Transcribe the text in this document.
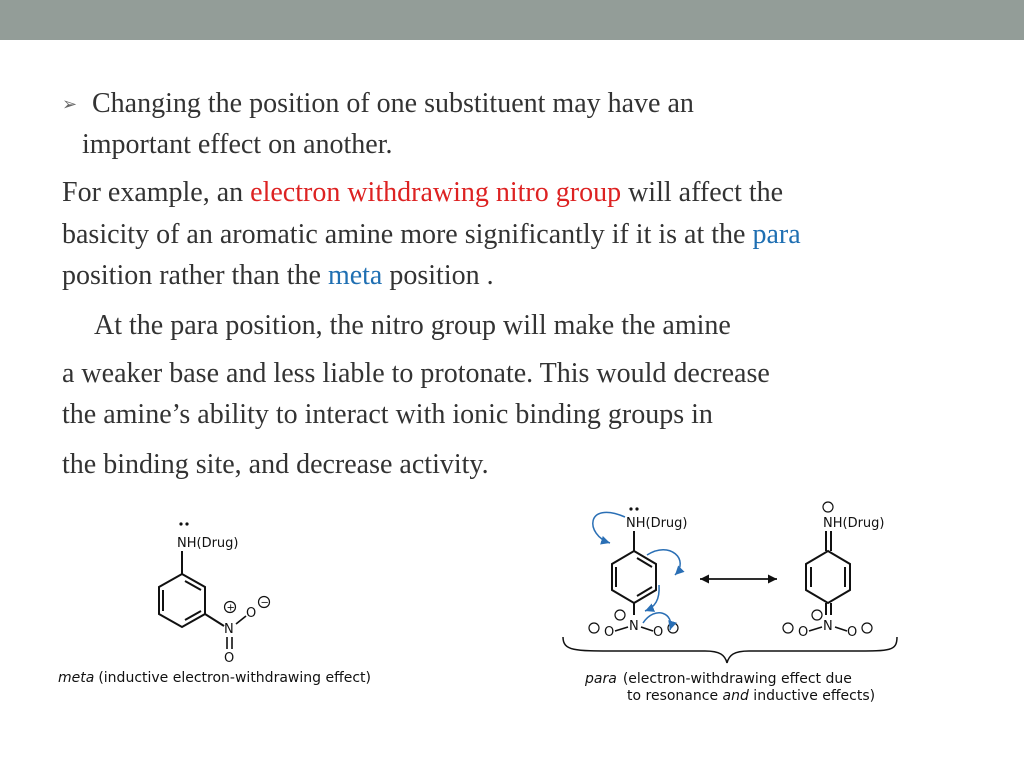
➢ Changing the position of one substituent may have an
important effect on another.
For example, an electron withdrawing nitro group will affect the
basicity of an aromatic amine more significantly if it is at the para
position rather than the meta position .
At the para position, the nitro group will make the amine
a weaker base and less liable to protonate. This would decrease
the amine’s ability to interact with ionic binding groups in
the binding site, and decrease activity.
NH(Drug)
+
N
O
−
O
meta (inductive electron-withdrawing effect)
NH(Drug)
N
O	O
NH(Drug)
N
O	O
para (electron-withdrawing effect due
to resonance and inductive effects)
